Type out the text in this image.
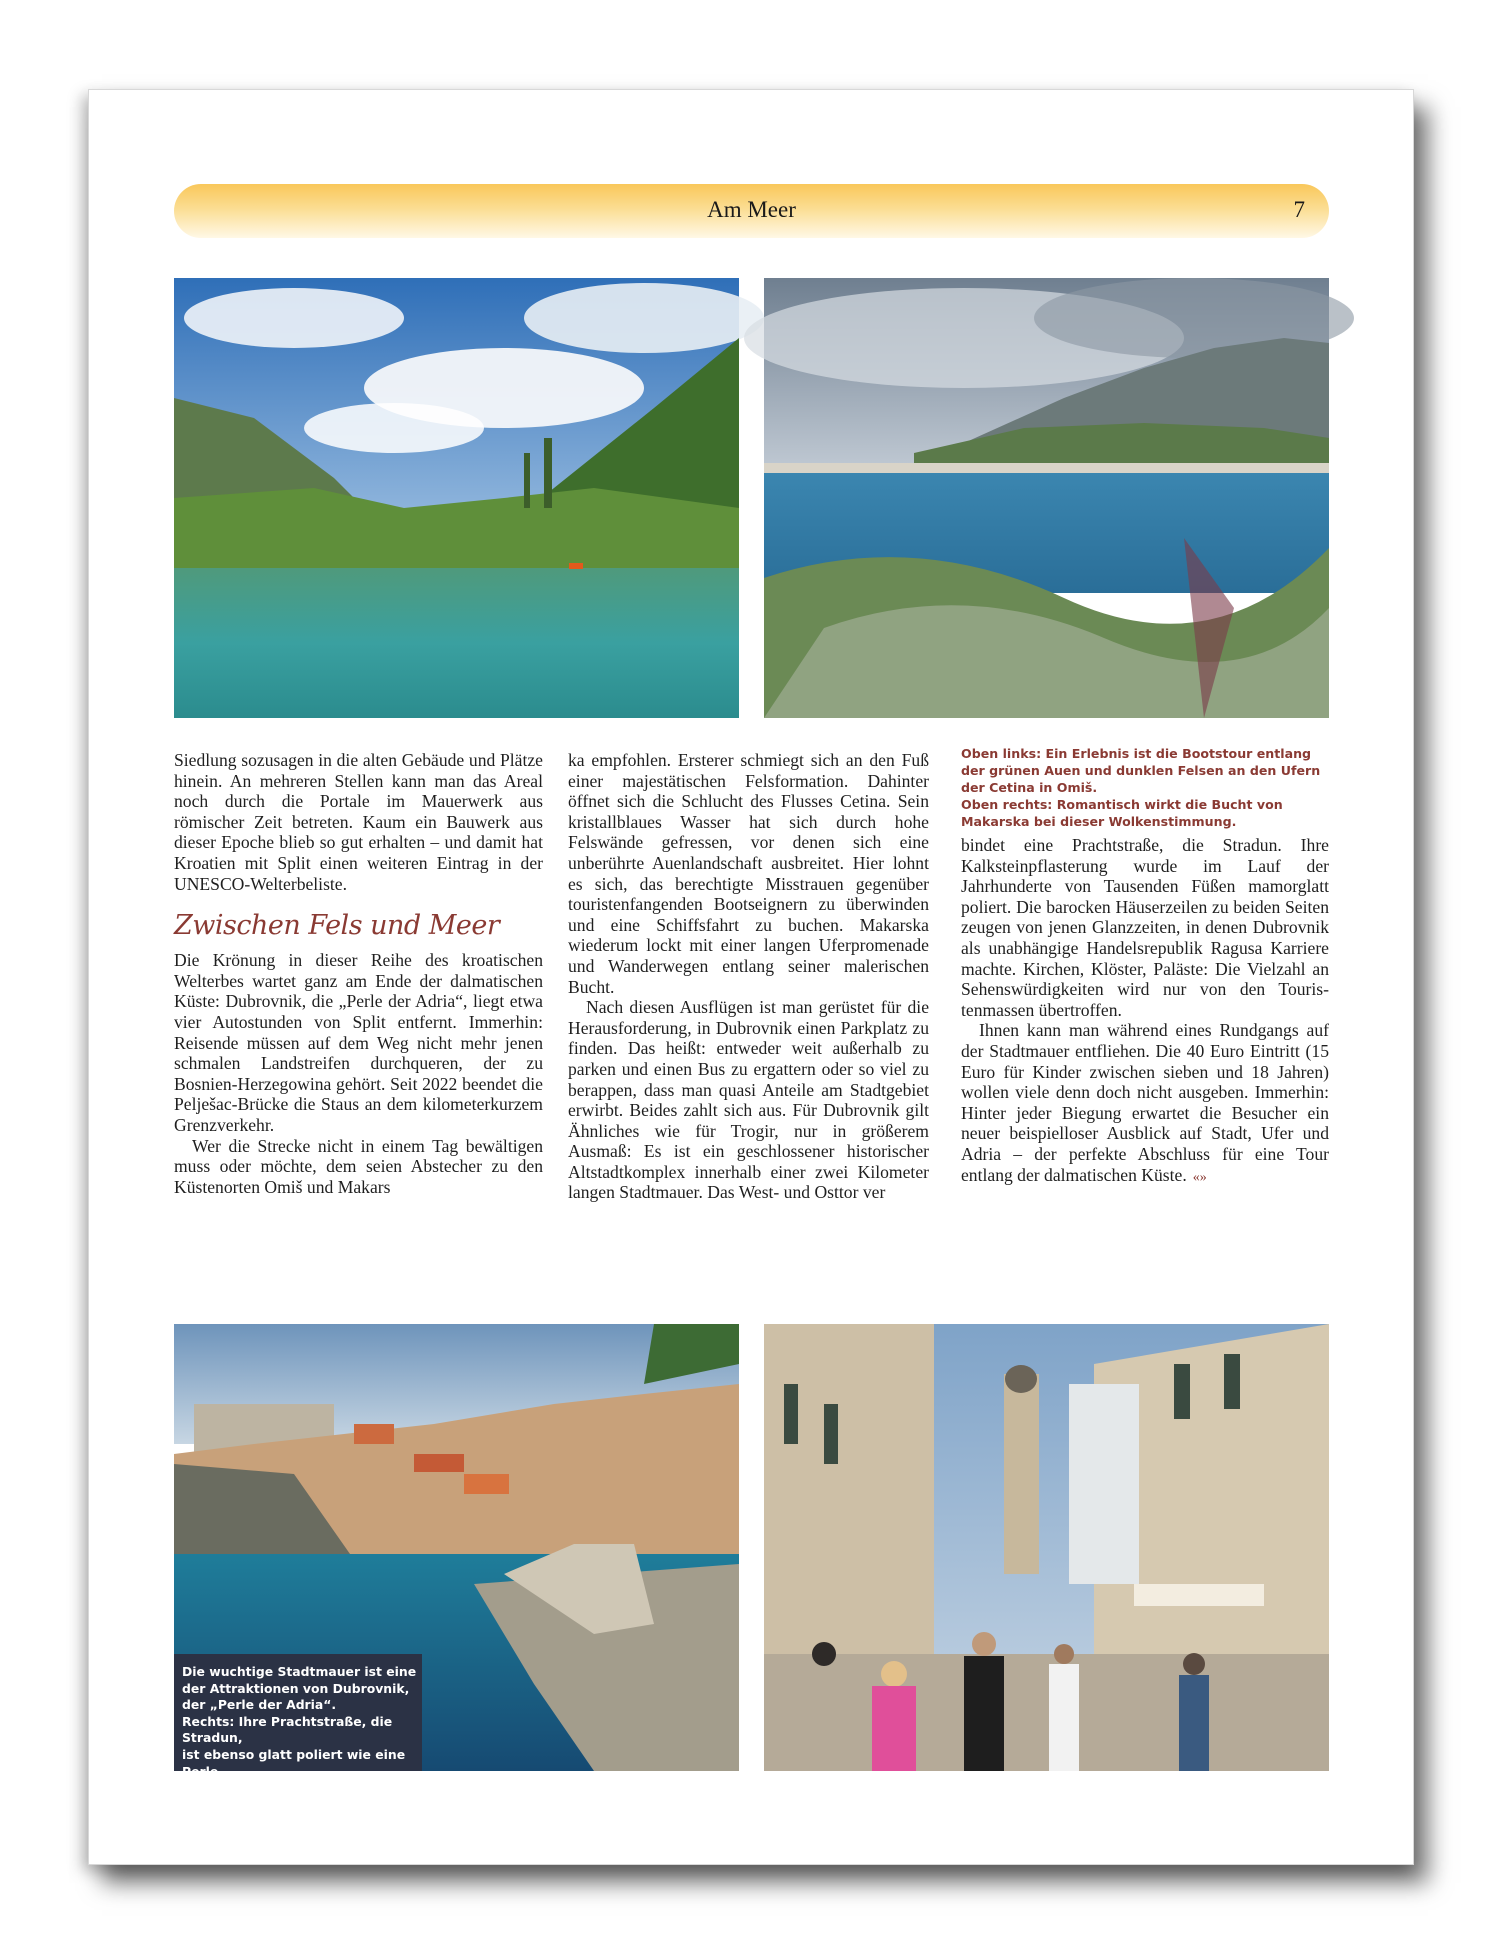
Am Meer	7
Oben links: Ein Erlebnis ist die Bootstour entlang der grünen Auen und dunklen Felsen an den Ufern der Cetina in Omiš.
Oben rechts: Romantisch wirkt die Bucht von Makarska bei dieser Wolkenstimmung.

Siedlung sozusagen in die alten Gebäude und Plätze hinein. An mehreren Stellen kann man das Areal noch durch die Portale im Mauerwerk aus römischer Zeit betreten. Kaum ein Bauwerk aus dieser Epoche blieb so gut erhalten – und damit hat Kroatien mit Split einen weiteren Eintrag in der UNESCO-Welterbeliste.

Zwischen Fels und Meer

Die Krönung in dieser Reihe des kroatischen Welterbes wartet ganz am Ende der dalmatischen Küste: Dubrovnik, die „Perle der Adria“, liegt etwa vier Autostunden von Split entfernt. Immerhin: Reisende müssen auf dem Weg nicht mehr jenen schmalen Landstreifen durchqueren, der zu Bosnien-Herzegowina gehört. Seit 2022 beendet die Pelješac-Brücke die Staus an dem kilometerkurzem Grenzverkehr.

Wer die Strecke nicht in einem Tag bewältigen muss oder möchte, dem seien Abstecher zu den Küstenorten Omiš und Makars

ka empfohlen. Ersterer schmiegt sich an den Fuß einer majestätischen Felsformation. Dahinter öffnet sich die Schlucht des Flusses Cetina. Sein kristallblaues Wasser hat sich durch hohe Felswände gefressen, vor denen sich eine unberührte Auenlandschaft ausbreitet. Hier lohnt es sich, das berechtigte Misstrauen gegenüber touristenfangenden Bootseignern zu überwinden und eine Schiffsfahrt zu buchen. Makarska wiederum lockt mit einer langen Uferpromenade und Wanderwegen entlang seiner malerischen Bucht.

Nach diesen Ausflügen ist man gerüstet für die Herausforderung, in Dubrovnik einen Parkplatz zu finden. Das heißt: entweder weit außerhalb zu parken und einen Bus zu ergattern oder so viel zu berappen, dass man quasi Anteile am Stadtgebiet erwirbt. Beides zahlt sich aus. Für Dubrovnik gilt Ähnliches wie für Trogir, nur in größerem Ausmaß: Es ist ein geschlossener historischer Altstadtkomplex innerhalb einer zwei Kilometer langen Stadtmauer. Das West- und Osttor ver

bindet eine Prachtstraße, die Stradun. Ihre Kalksteinpflasterung wurde im Lauf der Jahrhunderte von Tausenden Füßen mamorglatt poliert. Die barocken Häuserzeilen zu beiden Seiten zeugen von jenen Glanzzeiten, in denen Dubrovnik als unabhängige Handelsrepublik Ragusa Karriere machte. Kirchen, Klöster, Paläste: Die Vielzahl an Sehenswürdigkeiten wird nur von den Touristenmassen übertroffen.

Ihnen kann man während eines Rundgangs auf der Stadtmauer entfliehen. Die 40 Euro Eintritt (15 Euro für Kinder zwischen sieben und 18 Jahren) wollen viele denn doch nicht ausgeben. Immerhin: Hinter jeder Biegung erwartet die Besucher ein neuer beispielloser Ausblick auf Stadt, Ufer und Adria – der perfekte Abschluss für eine Tour entlang der dalmatischen Küste. «»

Die wuchtige Stadtmauer ist eine
der Attraktionen von Dubrovnik,
der „Perle der Adria“.
Rechts: Ihre Prachtstraße, die Stradun,
ist ebenso glatt poliert wie eine Perle.
